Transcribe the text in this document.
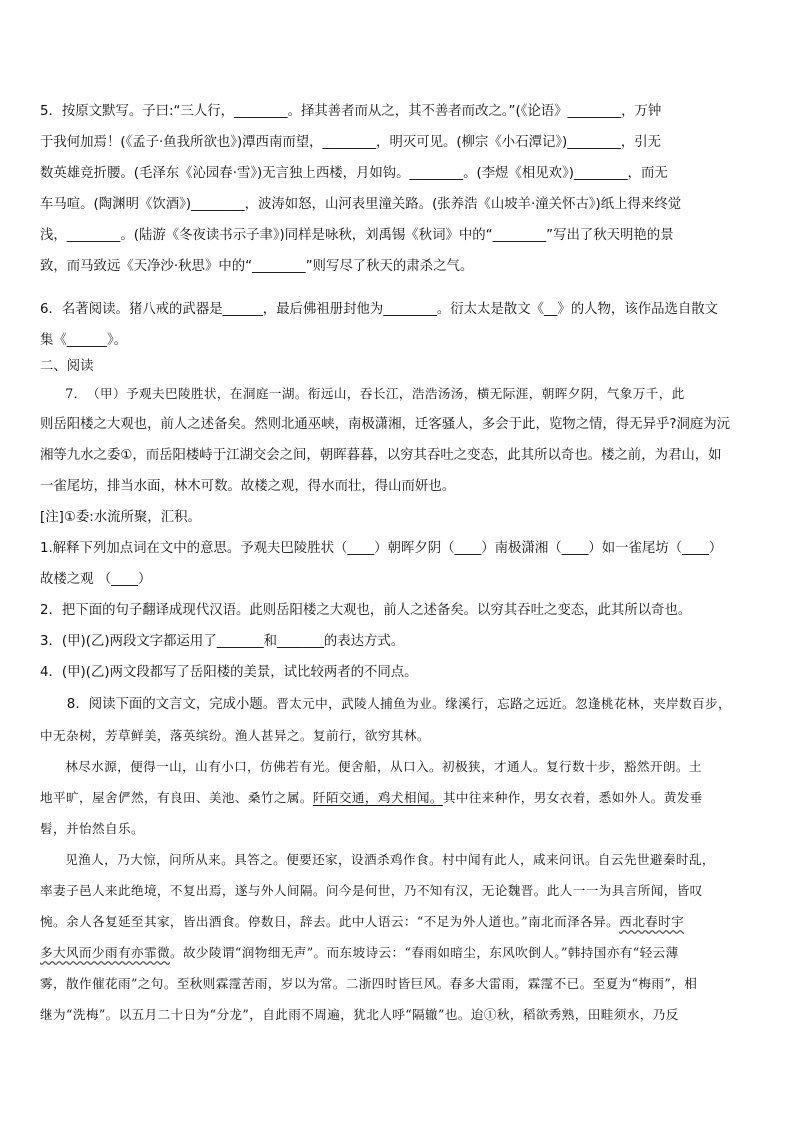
5．按原文默写。子曰:“三人行，________。择其善者而从之，其不善者而改之。”(《论语》________，万钟

于我何加焉！(《孟子·鱼我所欲也》)潭西南而望，________，明灭可见。(柳宗《小石潭记》)________，引无

数英雄竞折腰。(毛泽东《沁园春·雪》)无言独上西楼，月如钩。________。(李煜《相见欢》)________，而无

车马喧。(陶渊明《饮酒》)________，波涛如怒，山河表里潼关路。(张养浩《山坡羊·潼关怀古》)纸上得来终觉

浅，________。(陆游《冬夜读书示子聿》)同样是咏秋，刘禹锡《秋词》中的“________”写出了秋天明艳的景

致，而马致远《天净沙·秋思》中的“________”则写尽了秋天的肃杀之气。

6．名著阅读。猪八戒的武器是______，最后佛祖册封他为________。衍太太是散文《__》的人物，该作品选自散文

集《______》。

二、阅读

7．　（甲）予观夫巴陵胜状，在洞庭一湖。衔远山，吞长江，浩浩汤汤，横无际涯，朝晖夕阴，气象万千，此

则岳阳楼之大观也，前人之述备矣。然则北通巫峡，南极潇湘，迁客骚人，多会于此，览物之情，得无异乎?洞庭为沅

湘等九水之委①，而岳阳楼峙于江湖交会之间，朝晖暮暮，以穷其吞吐之变态，此其所以奇也。楼之前，为君山，如

一雀尾坊，排当水面，林木可数。故楼之观，得水而壮，得山而妍也。

[注]①委:水流所聚，汇积。

1.解释下列加点词在文中的意思。予观夫巴陵胜状（____）朝晖夕阴（____）南极潇湘（____）如一雀尾坊（____）

故楼之观 （____）

2．把下面的句子翻译成现代汉语。此则岳阳楼之大观也，前人之述备矣。以穷其吞吐之变态，此其所以奇也。

3．(甲)(乙)两段文字都运用了_______和_______的表达方式。

4．(甲)(乙)两文段都写了岳阳楼的美景，试比较两者的不同点。

8．阅读下面的文言文，完成小题。晋太元中，武陵人捕鱼为业。缘溪行，忘路之远近。忽逢桃花林，夹岸数百步，

中无杂树，芳草鲜美，落英缤纷。渔人甚异之。复前行，欲穷其林。

林尽水源，便得一山，山有小口，仿佛若有光。便舍船，从口入。初极狭，才通人。复行数十步，豁然开朗。土

地平旷，屋舍俨然，有良田、美池、桑竹之属。阡陌交通，鸡犬相闻。其中往来种作，男女衣着，悉如外人。黄发垂

髫，并怡然自乐。

见渔人，乃大惊，问所从来。具答之。便要还家，设酒杀鸡作食。村中闻有此人，咸来问讯。自云先世避秦时乱，

率妻子邑人来此绝境，不复出焉，遂与外人间隔。问今是何世，乃不知有汉，无论魏晋。此人一一为具言所闻，皆叹

惋。余人各复延至其家，皆出酒食。停数日，辞去。此中人语云：“不足为外人道也。”南北而泽各异。西北春时宇

多大风而少雨有亦霏微。故少陵谓“润物细无声”。而东坡诗云：“春雨如暗尘，东风吹倒人。”韩持国亦有“轻云薄

雾，散作催花雨”之句。至秋则霖霪苦雨，岁以为常。二浙四时皆巨风。春多大雷雨，霖霪不已。至夏为“梅雨”，相

继为“洗梅”。以五月二十日为“分龙”，自此雨不周遍，犹北人呼“隔辙”也。迨①秋，稻欲秀熟，田畦须水，乃反
